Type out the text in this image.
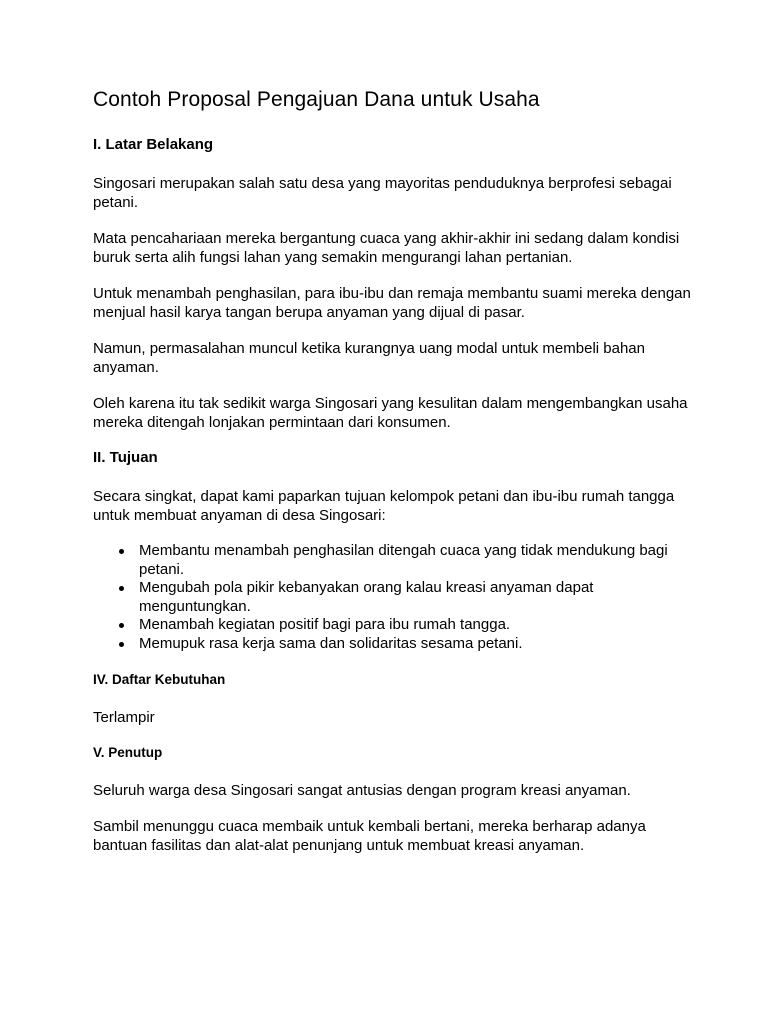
Contoh Proposal Pengajuan Dana untuk Usaha
I. Latar Belakang

Singosari merupakan salah satu desa yang mayoritas penduduknya berprofesi sebagai petani.

Mata pencahariaan mereka bergantung cuaca yang akhir-akhir ini sedang dalam kondisi buruk serta alih fungsi lahan yang semakin mengurangi lahan pertanian.

Untuk menambah penghasilan, para ibu-ibu dan remaja membantu suami mereka dengan menjual hasil karya tangan berupa anyaman yang dijual di pasar.

Namun, permasalahan muncul ketika kurangnya uang modal untuk membeli bahan anyaman.

Oleh karena itu tak sedikit warga Singosari yang kesulitan dalam mengembangkan usaha mereka ditengah lonjakan permintaan dari konsumen.

II. Tujuan

Secara singkat, dapat kami paparkan tujuan kelompok petani dan ibu-ibu rumah tangga untuk membuat anyaman di desa Singosari:

Membantu menambah penghasilan ditengah cuaca yang tidak mendukung bagi petani.
Mengubah pola pikir kebanyakan orang kalau kreasi anyaman dapat menguntungkan.
Menambah kegiatan positif bagi para ibu rumah tangga.
Memupuk rasa kerja sama dan solidaritas sesama petani.
IV. Daftar Kebutuhan

Terlampir

V. Penutup

Seluruh warga desa Singosari sangat antusias dengan program kreasi anyaman.

Sambil menunggu cuaca membaik untuk kembali bertani, mereka berharap adanya bantuan fasilitas dan alat-alat penunjang untuk membuat kreasi anyaman.
